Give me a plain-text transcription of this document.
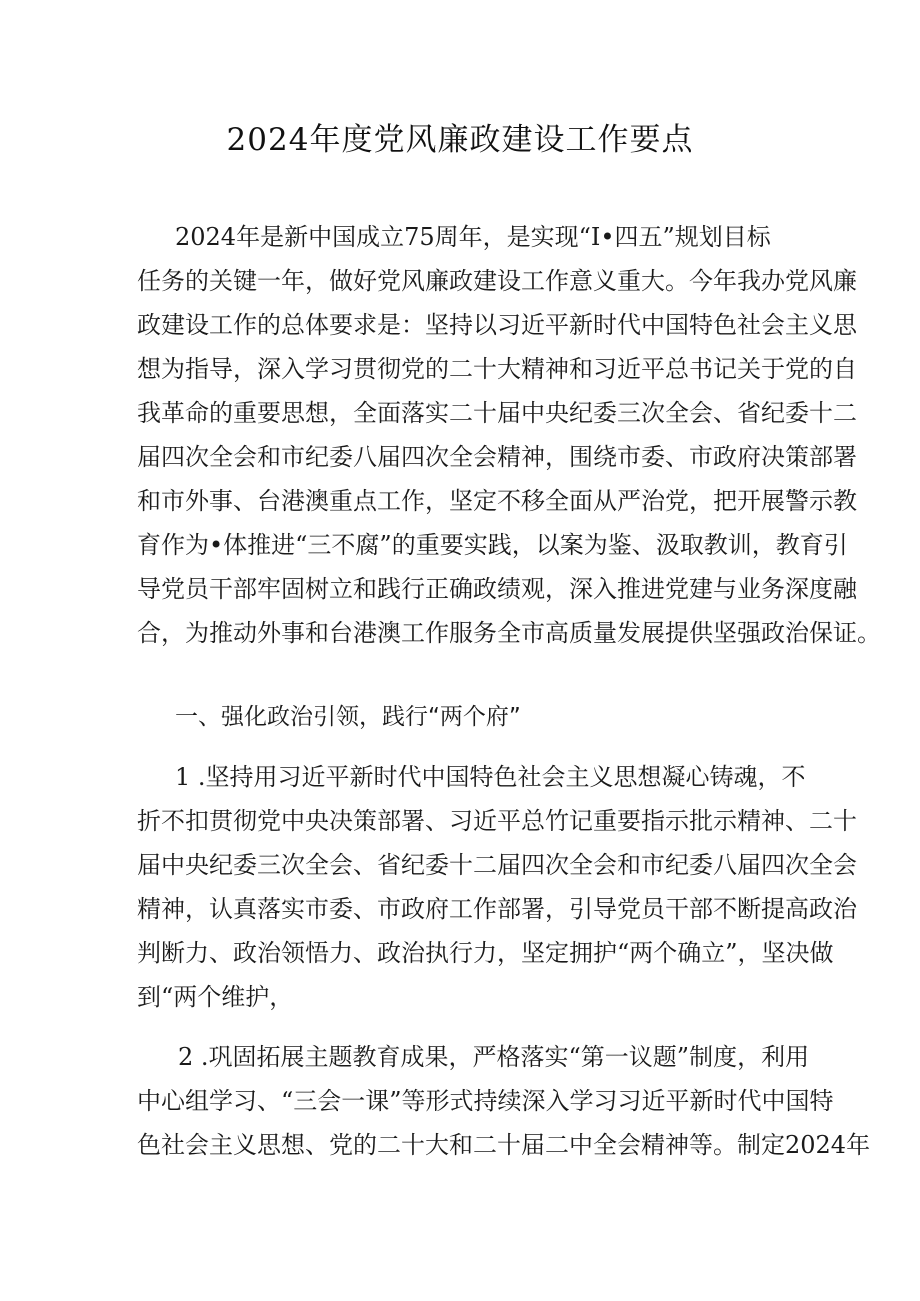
2024年度党风廉政建设工作要点
2024年是新中国成立75周年，是实现“I•四五”规划目标
任务的关键一年，做好党风廉政建设工作意义重大。今年我办党风廉
政建设工作的总体要求是：坚持以习近平新时代中国特色社会主义思
想为指导，深入学习贯彻党的二十大精神和习近平总书记关于党的自
我革命的重要思想，全面落实二十届中央纪委三次全会、省纪委十二
届四次全会和市纪委八届四次全会精神，围绕市委、市政府决策部署
和市外事、台港澳重点工作，坚定不移全面从严治党，把开展警示教
育作为•体推进“三不腐”的重要实践，以案为鉴、汲取教训，教育引
导党员干部牢固树立和践行正确政绩观，深入推进党建与业务深度融
合，为推动外事和台港澳工作服务全市高质量发展提供坚强政治保证。
一、强化政治引领，践行“两个府”
1 .坚持用习近平新时代中国特色社会主义思想凝心铸魂，不
折不扣贯彻党中央决策部署、习近平总竹记重要指示批示精神、二十
届中央纪委三次全会、省纪委十二届四次全会和市纪委八届四次全会
精神，认真落实市委、市政府工作部署，引导党员干部不断提高政治
判断力、政治领悟力、政治执行力，坚定拥护“两个确立”，坚决做
到“两个维护，
2 .巩固拓展主题教育成果，严格落实“第一议题”制度，利用
中心组学习、“三会一课”等形式持续深入学习习近平新时代中国特
色社会主义思想、党的二十大和二十届二中全会精神等。制定2024年
